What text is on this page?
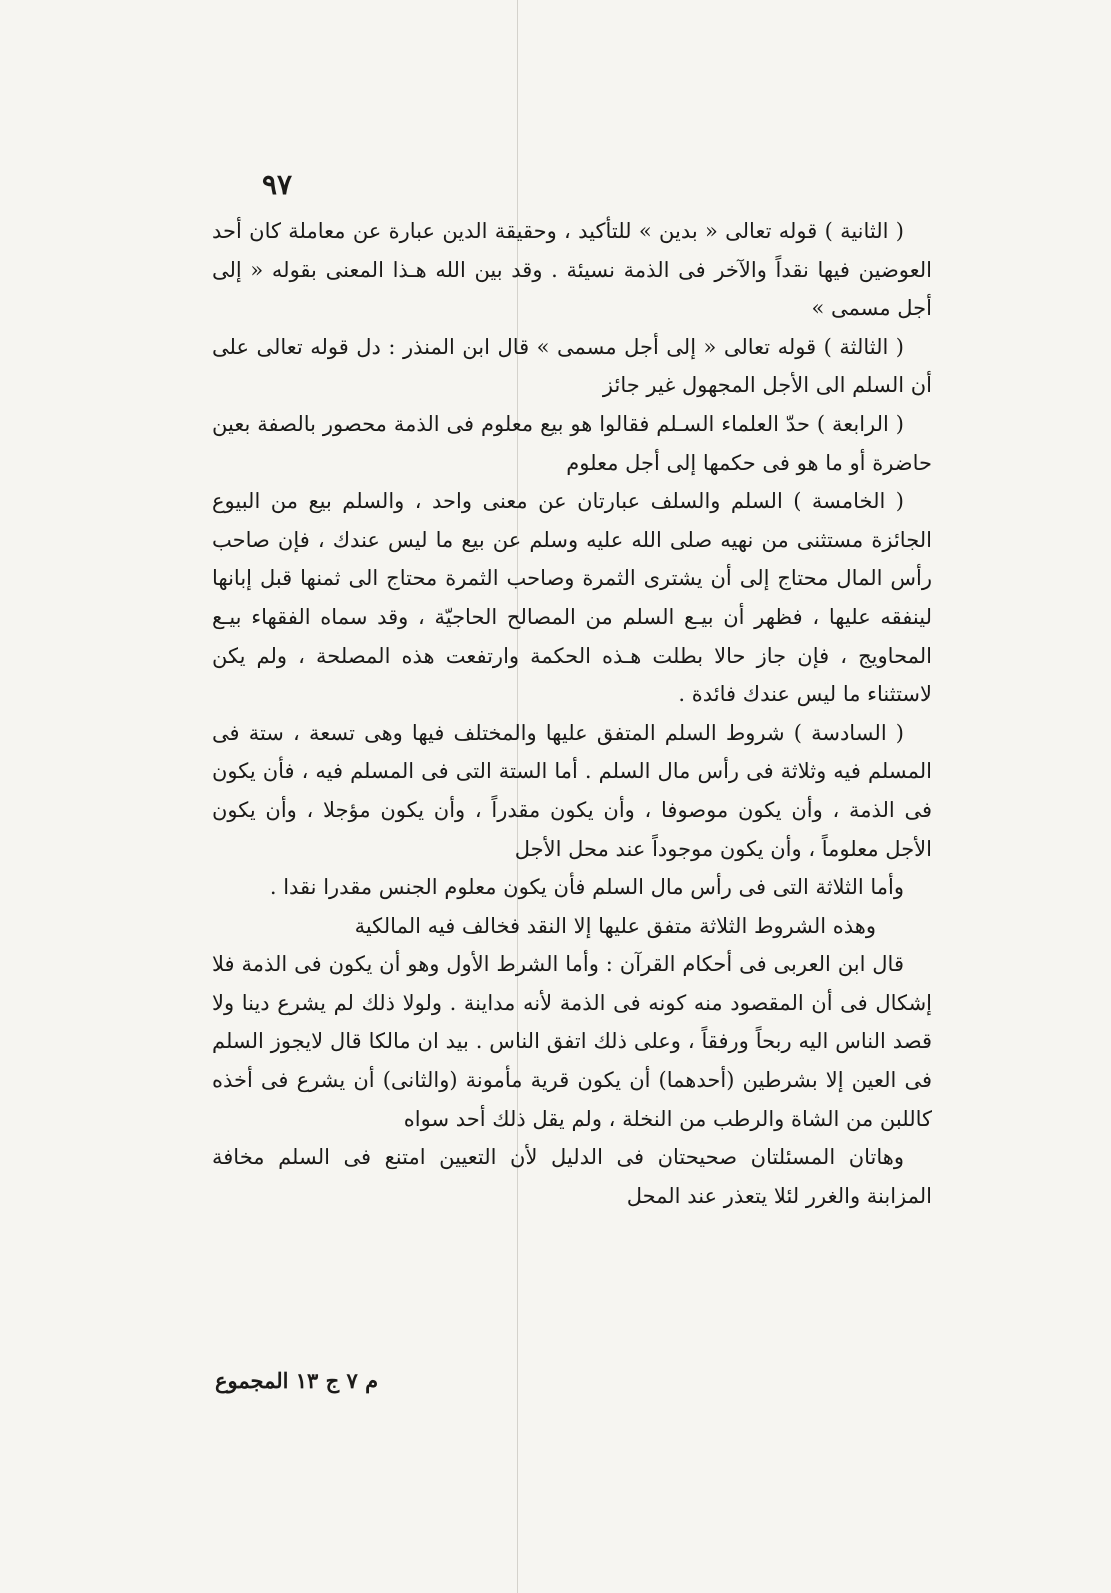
٩٧

( الثانية ) قوله تعالى « بدين » للتأكيد ، وحقيقة الدين عبارة عن معاملة كان أحد العوضين فيها نقداً والآخر فى الذمة نسيئة . وقد بين الله هـذا المعنى بقوله « إلى أجل مسمى »

( الثالثة ) قوله تعالى « إلى أجل مسمى » قال ابن المنذر : دل قوله تعالى على أن السلم الى الأجل المجهول غير جائز

( الرابعة ) حدّ العلماء السـلم فقالوا هو بيع معلوم فى الذمة محصور بالصفة بعين حاضرة أو ما هو فى حكمها إلى أجل معلوم

( الخامسة ) السلم والسلف عبارتان عن معنى واحد ، والسلم بيع من البيوع الجائزة مستثنى من نهيه صلى الله عليه وسلم عن بيع ما ليس عندك ، فإن صاحب رأس المال محتاج إلى أن يشترى الثمرة وصاحب الثمرة محتاج الى ثمنها قبل إبانها لينفقه عليها ، فظهر أن بيـع السلم من المصالح الحاجيّة ، وقد سماه الفقهاء بيـع المحاويج ، فإن جاز حالا بطلت هـذه الحكمة وارتفعت هذه المصلحة ، ولم يكن لاستثناء ما ليس عندك فائدة .

( السادسة ) شروط السلم المتفق عليها والمختلف فيها وهى تسعة ، ستة فى المسلم فيه وثلاثة فى رأس مال السلم . أما الستة التى فى المسلم فيه ، فأن يكون فى الذمة ، وأن يكون موصوفا ، وأن يكون مقدراً ، وأن يكون مؤجلا ، وأن يكون الأجل معلوماً ، وأن يكون موجوداً عند محل الأجل

وأما الثلاثة التى فى رأس مال السلم فأن يكون معلوم الجنس مقدرا نقدا .

وهذه الشروط الثلاثة متفق عليها إلا النقد فخالف فيه المالكية

قال ابن العربى فى أحكام القرآن : وأما الشرط الأول وهو أن يكون فى الذمة فلا إشكال فى أن المقصود منه كونه فى الذمة لأنه مداينة . ولولا ذلك لم يشرع دينا ولا قصد الناس اليه ربحاً ورفقاً ، وعلى ذلك اتفق الناس . بيد ان مالكا قال لايجوز السلم فى العين إلا بشرطين (أحدهما) أن يكون قرية مأمونة (والثانى) أن يشرع فى أخذه كاللبن من الشاة والرطب من النخلة ، ولم يقل ذلك أحد سواه

وهاتان المسئلتان صحيحتان فى الدليل لأن التعيين امتنع فى السلم مخافة المزابنة والغرر لئلا يتعذر عند المحل

م ٧ ج ١٣ المجموع
